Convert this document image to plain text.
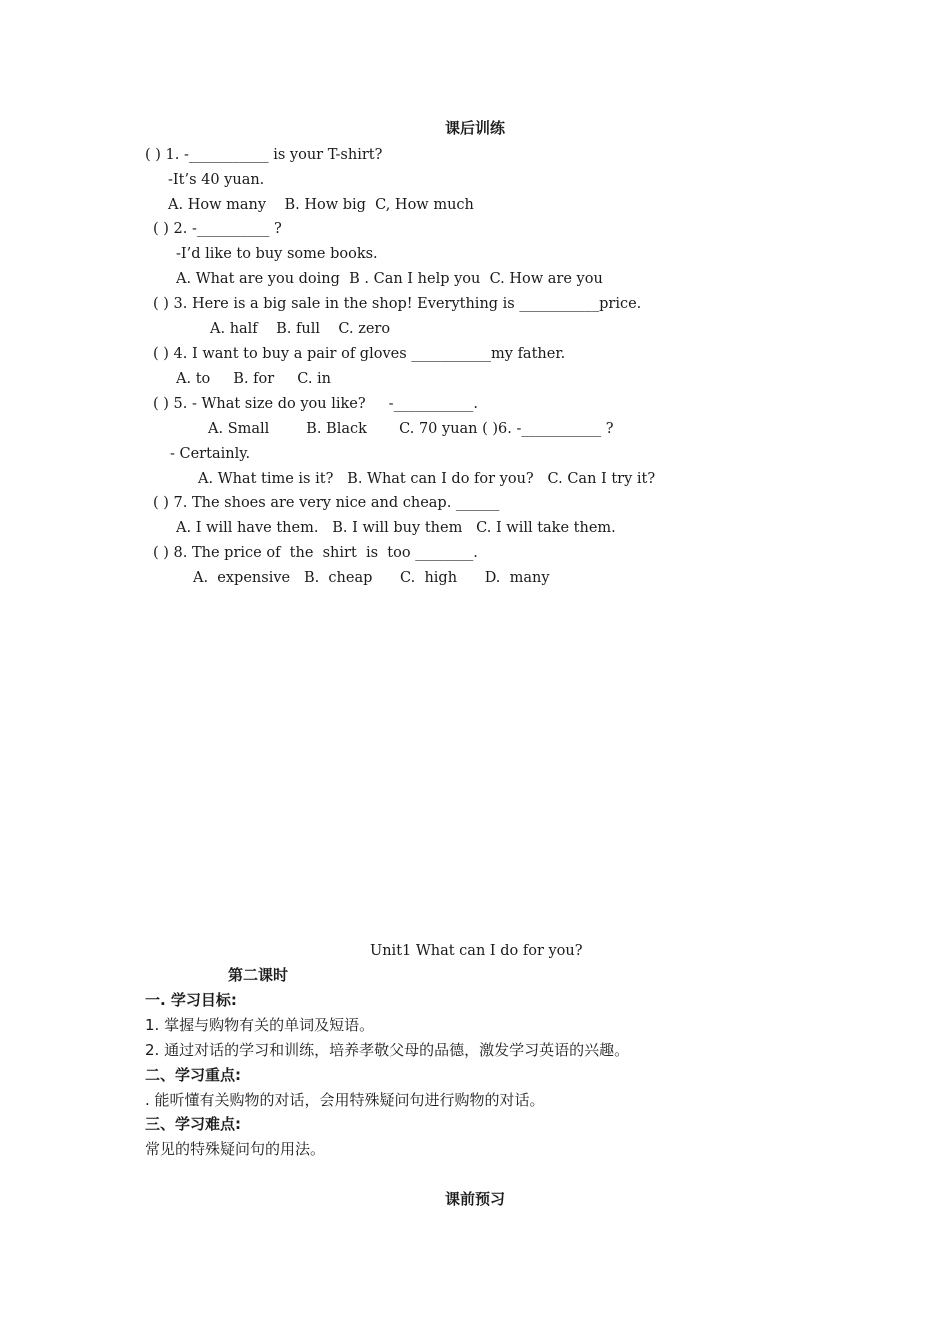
课后训练
( ) 1. -___________ is your T-shirt?
-It’s 40 yuan.
A. How many    B. How big  C, How much
( ) 2. -__________ ?
-I’d like to buy some books.
A. What are you doing  B . Can I help you  C. How are you
( ) 3. Here is a big sale in the shop! Everything is ___________price.
A. half    B. full    C. zero
( ) 4. I want to buy a pair of gloves ___________my father.
A. to     B. for     C. in
( ) 5. - What size do you like?     -___________.
A. Small        B. Black       C. 70 yuan ( )6. -___________ ?
- Certainly.
A. What time is it?   B. What can I do for you?   C. Can I try it?
( ) 7. The shoes are very nice and cheap. ______
A. I will have them.   B. I will buy them   C. I will take them.
( ) 8. The price of  the  shirt  is  too ________.
A.  expensive   B.  cheap      C.  high      D.  many
Unit1 What can I do for you?
第二课时
一. 学习目标:
1. 掌握与购物有关的单词及短语。
2. 通过对话的学习和训练，培养孝敬父母的品德，激发学习英语的兴趣。
二、学习重点:
. 能听懂有关购物的对话，会用特殊疑问句进行购物的对话。
三、学习难点:
常见的特殊疑问句的用法。
课前预习
